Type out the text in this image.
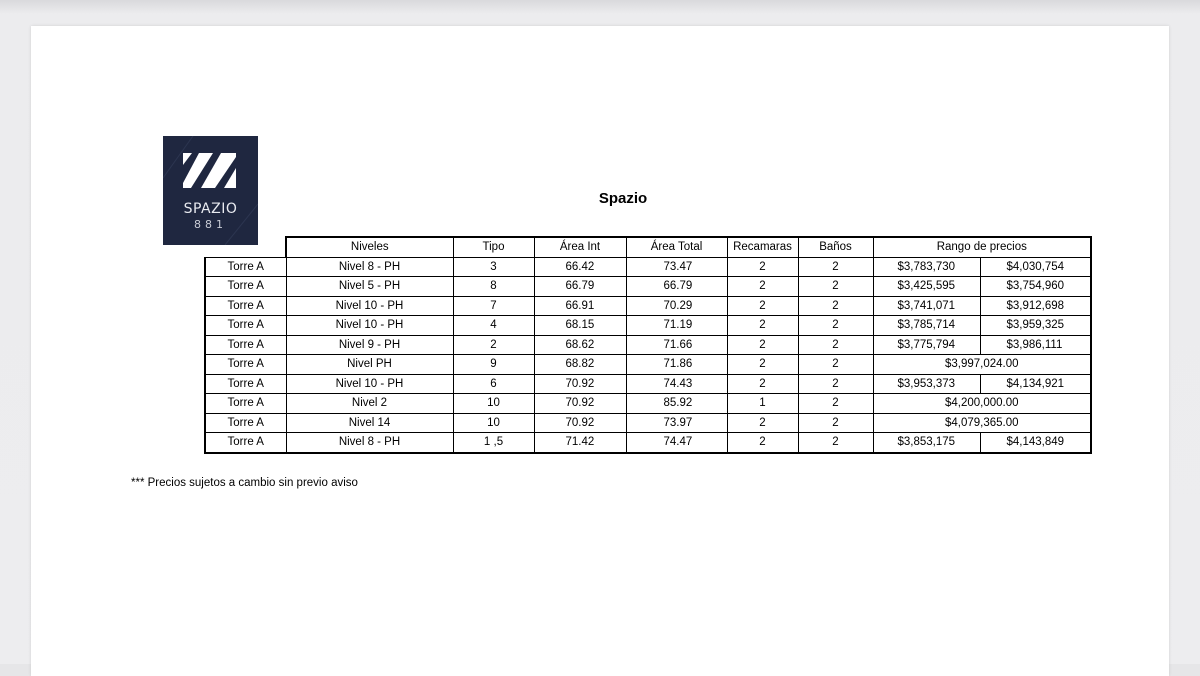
SPAZIO
881
Spazio
	Niveles	Tipo	Área Int	Área Total	Recamaras	Baños	Rango de precios	
Torre A	Nivel 8 - PH	3	66.42	73.47	2	2	$3,783,730	$4,030,754
Torre A	Nivel 5 - PH	8	66.79	66.79	2	2	$3,425,595	$3,754,960
Torre A	Nivel 10 - PH	7	66.91	70.29	2	2	$3,741,071	$3,912,698
Torre A	Nivel 10 - PH	4	68.15	71.19	2	2	$3,785,714	$3,959,325
Torre A	Nivel 9 - PH	2	68.62	71.66	2	2	$3,775,794	$3,986,111
Torre A	Nivel PH	9	68.82	71.86	2	2	$3,997,024.00	
Torre A	Nivel 10 - PH	6	70.92	74.43	2	2	$3,953,373	$4,134,921
Torre A	Nivel 2	10	70.92	85.92	1	2	$4,200,000.00	
Torre A	Nivel 14	10	70.92	73.97	2	2	$4,079,365.00	
Torre A	Nivel 8 - PH	1 ,5	71.42	74.47	2	2	$3,853,175	$4,143,849
*** Precios sujetos a cambio sin previo aviso
